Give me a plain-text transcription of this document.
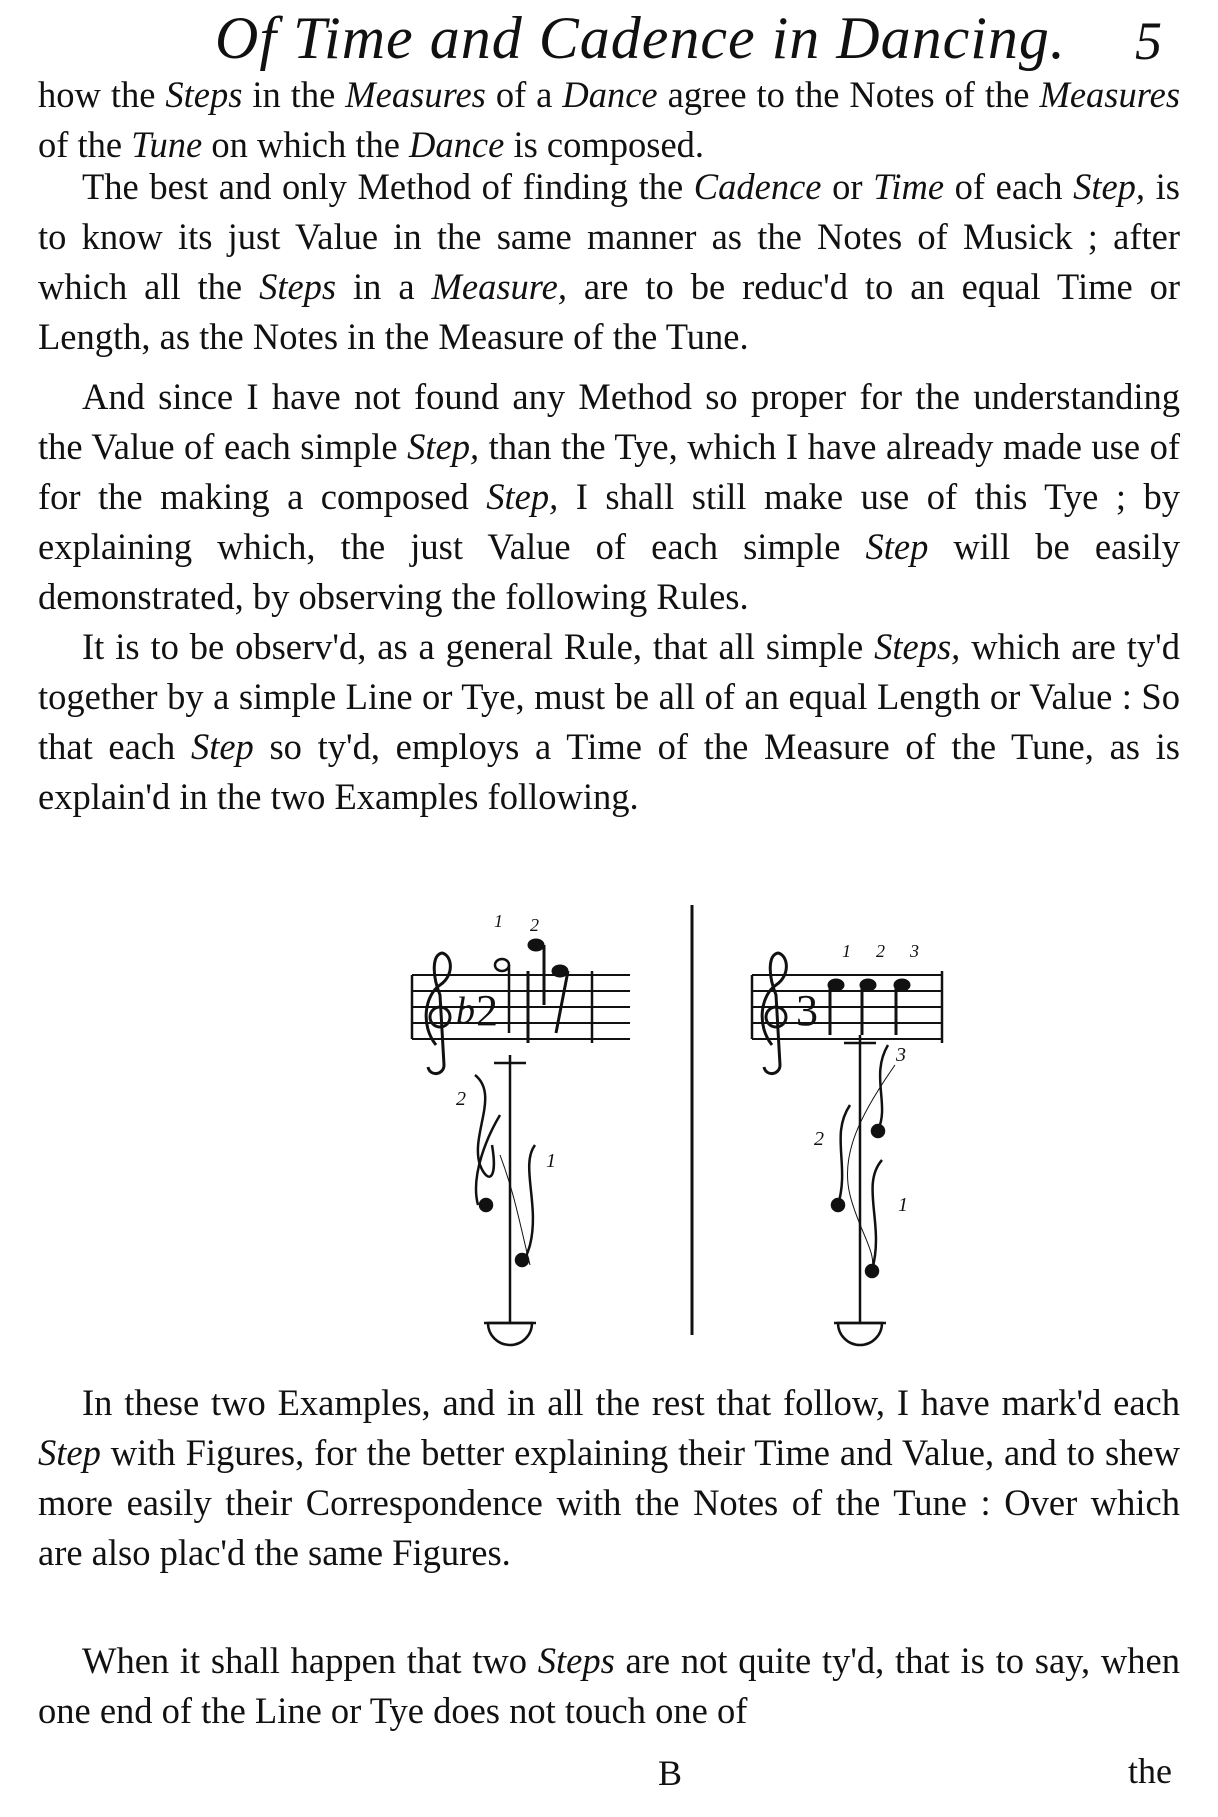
Of Time and Cadence in Dancing. 5

how the Steps in the Measures of a Dance agree to the Notes of the Measures of the Tune on which the Dance is composed.

The best and only Method of finding the Cadence or Time of each Step, is to know its just Value in the same manner as the Notes of Musick ; after which all the Steps in a Measure, are to be reduc'd to an equal Time or Length, as the Notes in the Measure of the Tune.

And since I have not found any Method so proper for the understanding the Value of each simple Step, than the Tye, which I have already made use of for the making a composed Step, I shall still make use of this Tye ; by explaining which, the just Value of each simple Step will be easily demonstrated, by observing the following Rules.

It is to be observ'd, as a general Rule, that all simple Steps, which are ty'd together by a simple Line or Tye, must be all of an equal Length or Value : So that each Step so ty'd, employs a Time of the Measure of the Tune, as is explain'd in the two Examples following.

b 2
1 2
2
1
3
1 2 3
3
2
1

In these two Examples, and in all the rest that follow, I have mark'd each Step with Figures, for the better explaining their Time and Value, and to shew more easily their Correspondence with the Notes of the Tune : Over which are also plac'd the same Figures.

When it shall happen that two Steps are not quite ty'd, that is to say, when one end of the Line or Tye does not touch one of

B	the
